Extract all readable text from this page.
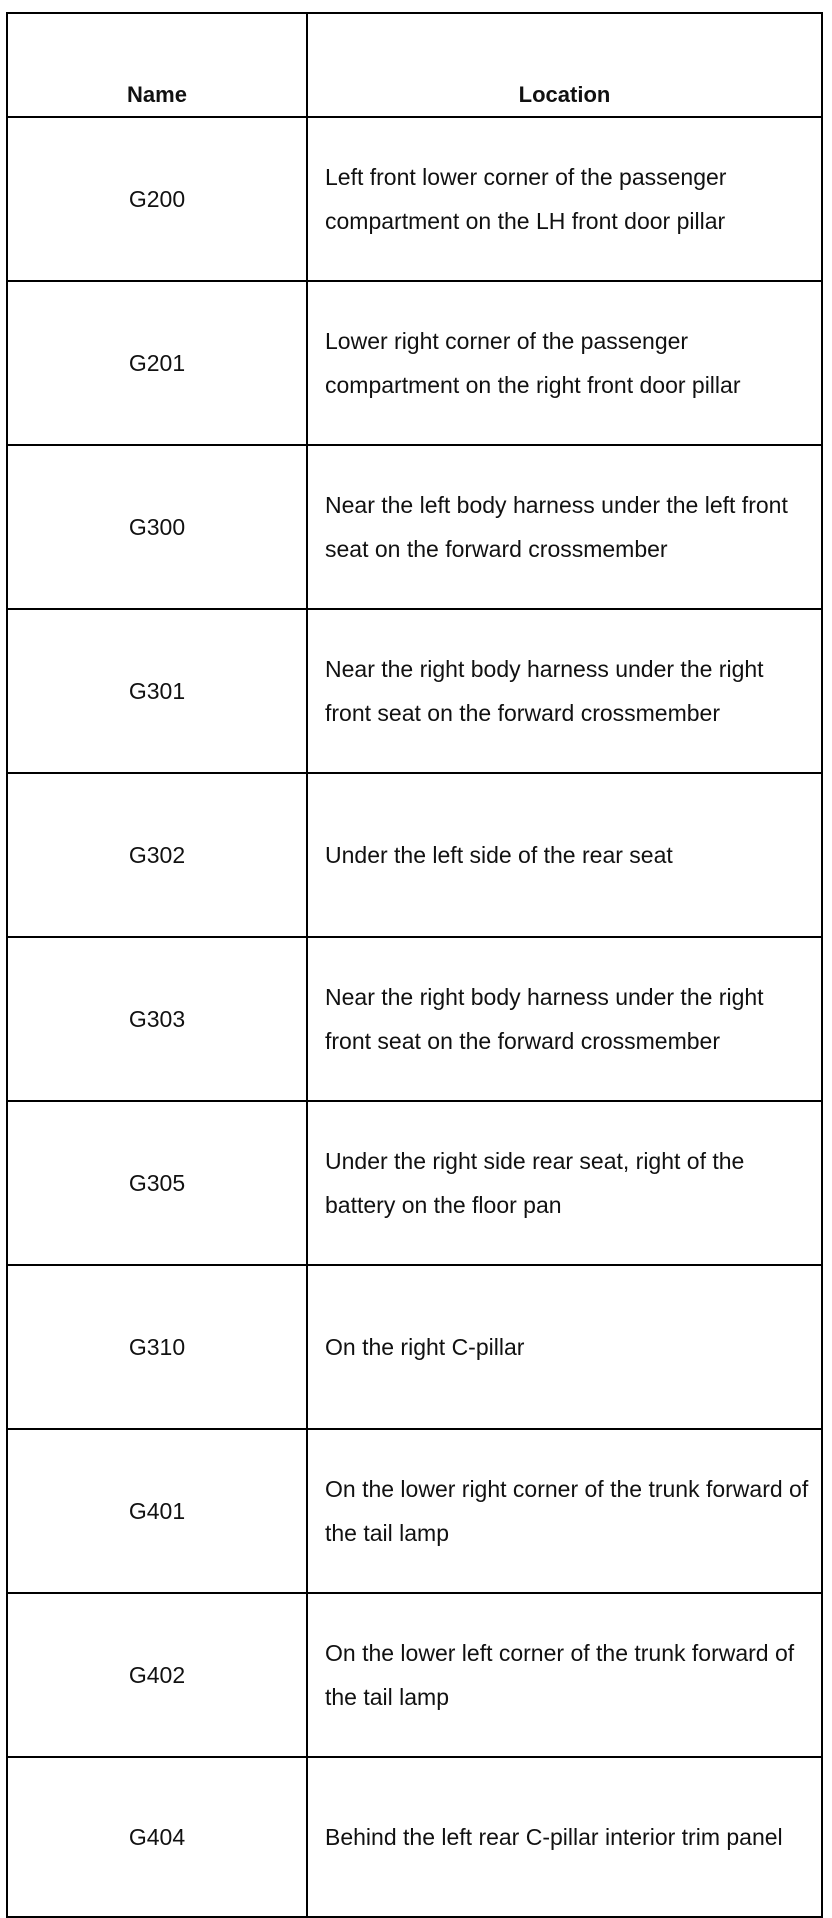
Name	Location
G200	Left front lower corner of the passenger compartment on the LH front door pillar
G201	Lower right corner of the passenger compartment on the right front door pillar
G300	Near the left body harness under the left front seat on the forward crossmember
G301	Near the right body harness under the right front seat on the forward crossmember
G302	Under the left side of the rear seat
G303	Near the right body harness under the right front seat on the forward crossmember
G305	Under the right side rear seat, right of the battery on the floor pan
G310	On the right C-pillar
G401	On the lower right corner of the trunk forward of the tail lamp
G402	On the lower left corner of the trunk forward of the tail lamp
G404	Behind the left rear C-pillar interior trim panel
